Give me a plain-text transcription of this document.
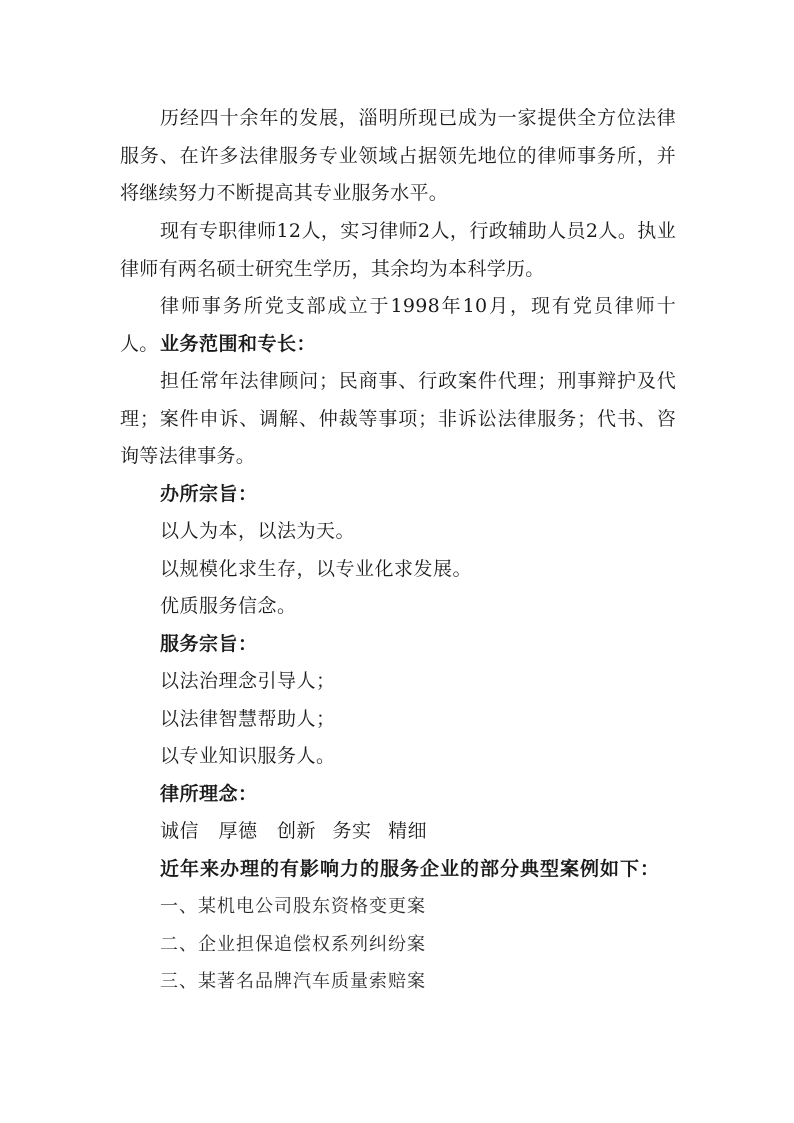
历经四十余年的发展，淄明所现已成为一家提供全方位法律服务、在许多法律服务专业领域占据领先地位的律师事务所，并将继续努力不断提高其专业服务水平。

现有专职律师12人，实习律师2人，行政辅助人员2人。执业律师有两名硕士研究生学历，其余均为本科学历。

律师事务所党支部成立于1998年10月，现有党员律师十人。 业务范围和专长：

担任常年法律顾问；民商事、行政案件代理；刑事辩护及代理；案件申诉、调解、仲裁等事项；非诉讼法律服务；代书、咨询等法律事务。

办所宗旨：

以人为本，以法为天。

以规模化求生存，以专业化求发展。

优质服务信念。

服务宗旨：

以法治理念引导人；

以法律智慧帮助人；

以专业知识服务人。

律所理念：

诚信　厚德　创新 务实 精细

近年来办理的有影响力的服务企业的部分典型案例如下：

一、某机电公司股东资格变更案

二、企业担保追偿权系列纠纷案

三、某著名品牌汽车质量索赔案
